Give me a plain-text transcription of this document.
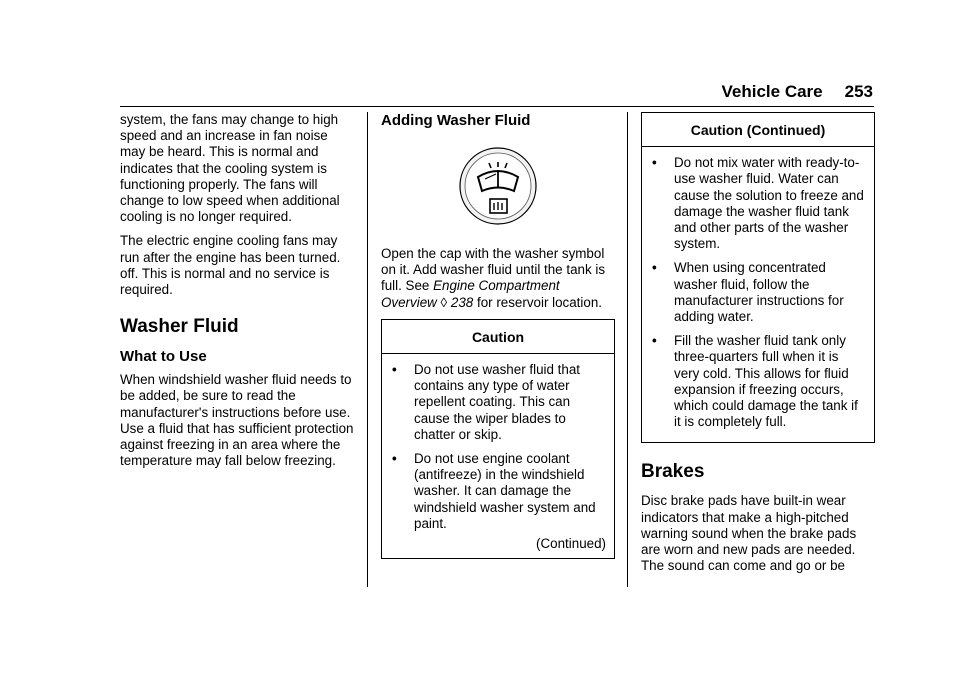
Vehicle Care 253

system, the fans may change to high speed and an increase in fan noise may be heard. This is normal and indicates that the cooling system is functioning properly. The fans will change to low speed when additional cooling is no longer required.

The electric engine cooling fans may run after the engine has been turned. off. This is normal and no service is required.

Washer Fluid
What to Use

When windshield washer fluid needs to be added, be sure to read the manufacturer's instructions before use. Use a fluid that has sufficient protection against freezing in an area where the temperature may fall below freezing.

Adding Washer Fluid

Open the cap with the washer symbol on it. Add washer fluid until the tank is full. See Engine Compartment Overview ◊ 238 for reservoir location.

Caution
•	Do not use washer fluid that contains any type of water repellent coating. This can cause the wiper blades to chatter or skip.
•	Do not use engine coolant (antifreeze) in the windshield washer. It can damage the windshield washer system and paint.
(Continued)
Caution (Continued)
•	Do not mix water with ready-to-use washer fluid. Water can cause the solution to freeze and damage the washer fluid tank and other parts of the washer system.
•	When using concentrated washer fluid, follow the manufacturer instructions for adding water.
•	Fill the washer fluid tank only three-quarters full when it is very cold. This allows for fluid expansion if freezing occurs, which could damage the tank if it is completely full.
Brakes

Disc brake pads have built-in wear indicators that make a high-pitched warning sound when the brake pads are worn and new pads are needed. The sound can come and go or be
